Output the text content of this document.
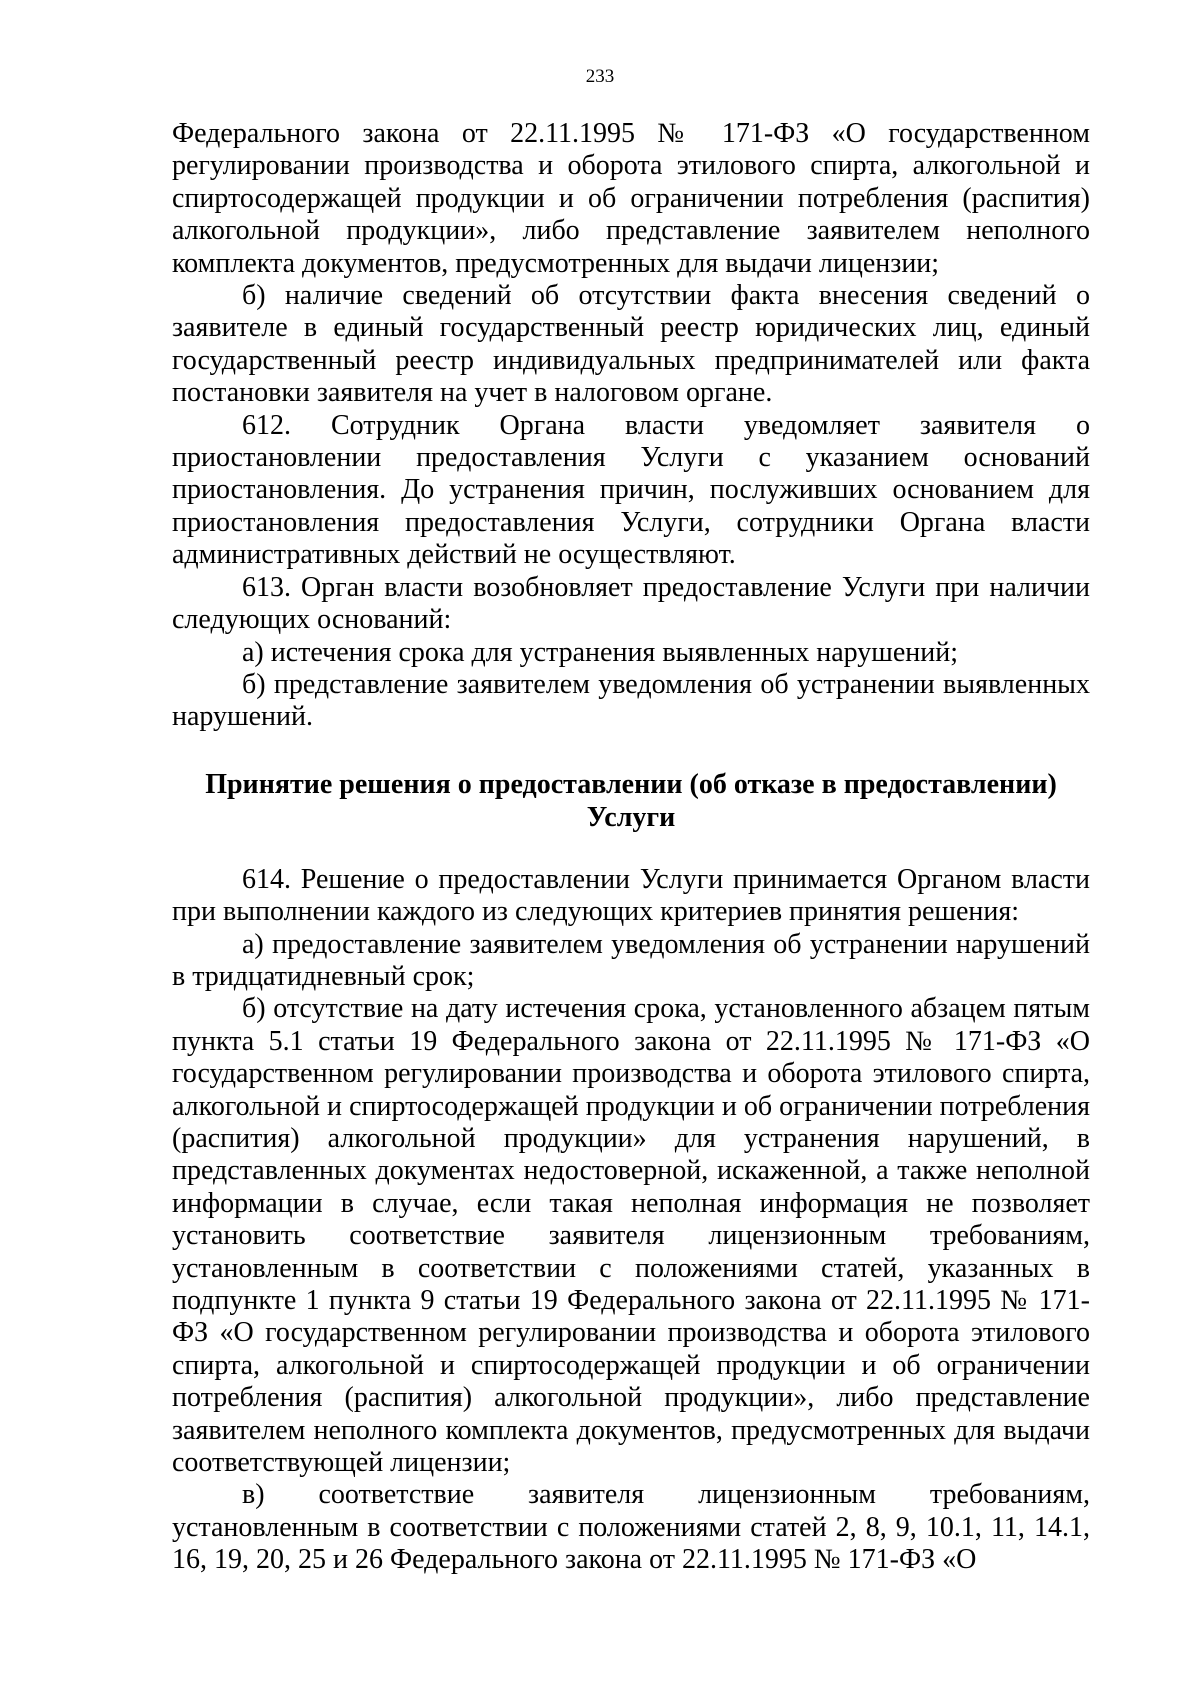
233

Федерального закона от 22.11.1995 № 171-ФЗ «О государственном регулировании производства и оборота этилового спирта, алкогольной и спиртосодержащей продукции и об ограничении потребления (распития) алкогольной продукции», либо представление заявителем неполного комплекта документов, предусмотренных для выдачи лицензии;

б) наличие сведений об отсутствии факта внесения сведений о заявителе в единый государственный реестр юридических лиц, единый государственный реестр индивидуальных предпринимателей или факта постановки заявителя на учет в налоговом органе.

612. Сотрудник Органа власти уведомляет заявителя о приостановлении предоставления Услуги с указанием оснований приостановления. До устранения причин, послуживших основанием для приостановления предоставления Услуги, сотрудники Органа власти административных действий не осуществляют.

613. Орган власти возобновляет предоставление Услуги при наличии следующих оснований:

а) истечения срока для устранения выявленных нарушений;

б) представление заявителем уведомления об устранении выявленных нарушений.

Принятие решения о предоставлении (об отказе в предоставлении)
Услуги

614. Решение о предоставлении Услуги принимается Органом власти при выполнении каждого из следующих критериев принятия решения:

а) предоставление заявителем уведомления об устранении нарушений в тридцатидневный срок;

б) отсутствие на дату истечения срока, установленного абзацем пятым пункта 5.1 статьи 19 Федерального закона от 22.11.1995 № 171-ФЗ «О государственном регулировании производства и оборота этилового спирта, алкогольной и спиртосодержащей продукции и об ограничении потребления (распития) алкогольной продукции» для устранения нарушений, в представленных документах недостоверной, искаженной, а также неполной информации в случае, если такая неполная информация не позволяет установить соответствие заявителя лицензионным требованиям, установленным в соответствии с положениями статей, указанных в подпункте 1 пункта 9 статьи 19 Федерального закона от 22.11.1995 № 171-ФЗ «О государственном регулировании производства и оборота этилового спирта, алкогольной и спиртосодержащей продукции и об ограничении потребления (распития) алкогольной продукции», либо представление заявителем неполного комплекта документов, предусмотренных для выдачи соответствующей лицензии;

в) соответствие заявителя лицензионным требованиям, установленным в соответствии с положениями статей 2, 8, 9, 10.1, 11, 14.1, 16, 19, 20, 25 и 26 Федерального закона от 22.11.1995 № 171-ФЗ «О
